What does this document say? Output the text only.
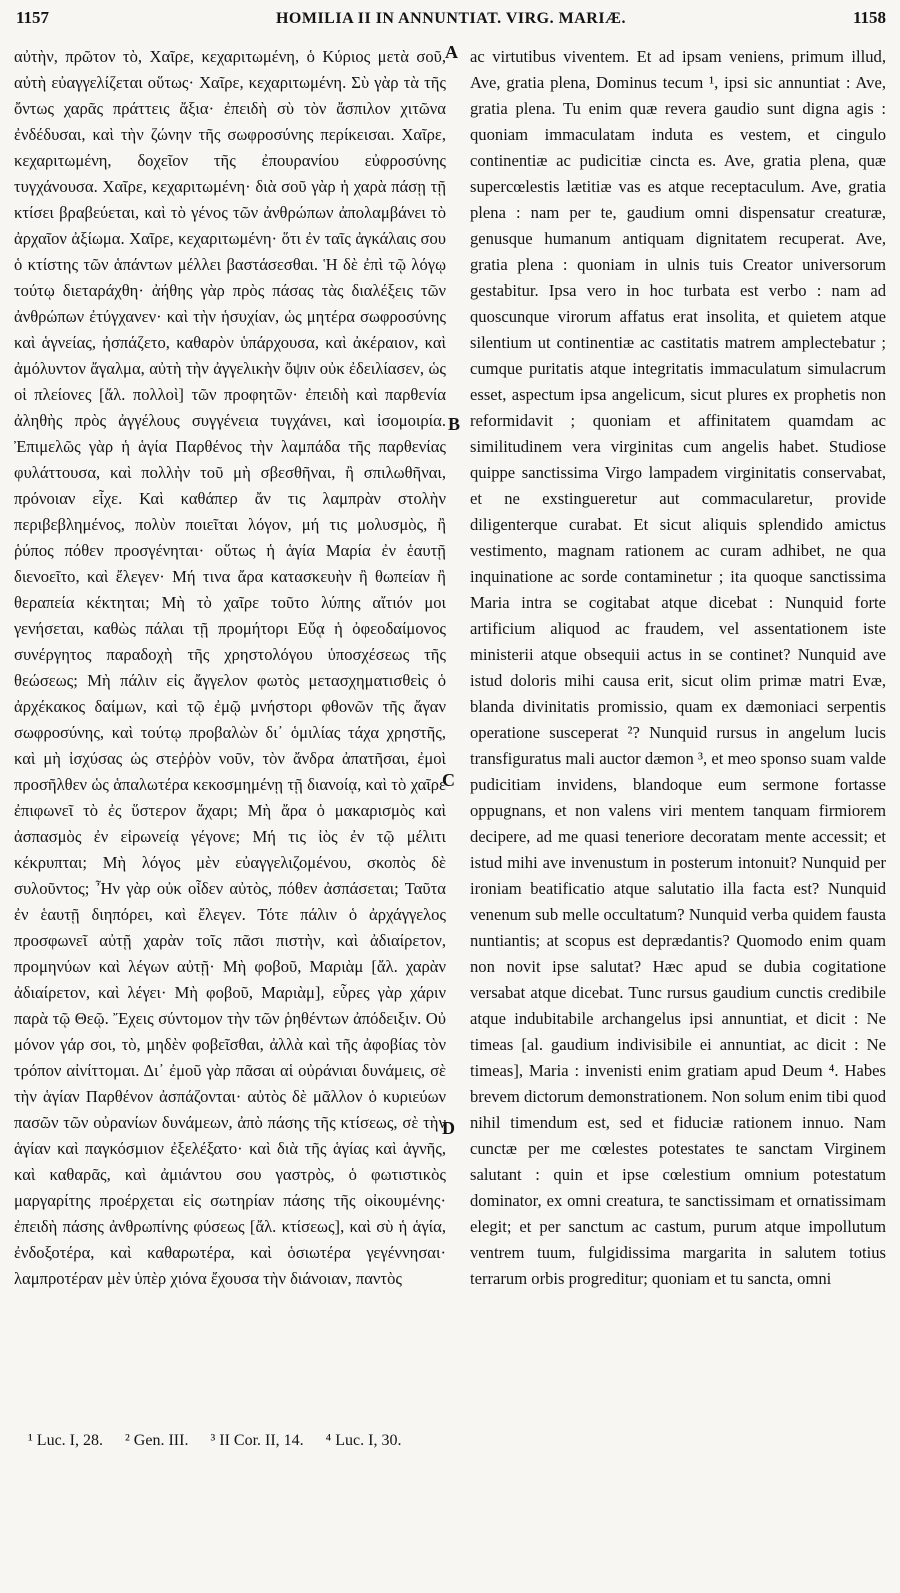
1157	HOMILIA II IN ANNUNTIAT. VIRG. MARIÆ.	1158

αὐτὴν, πρῶτον τὸ, Χαῖρε, κεχαριτωμένη, ὁ Κύριος μετὰ σοῦ, αὐτὴ εὐαγγελίζεται οὕτως· Χαῖρε, κεχαριτωμένη. Σὺ γὰρ τὰ τῆς ὄντως χαρᾶς πράττεις ἄξια· ἐπειδὴ σὺ τὸν ἄσπιλον χιτῶνα ἐνδέδυσαι, καὶ τὴν ζώνην τῆς σωφροσύνης περίκεισαι. Χαῖρε, κεχαριτωμένη, δοχεῖον τῆς ἐπουρανίου εὐφροσύνης τυγχάνουσα. Χαῖρε, κεχαριτωμένη· διὰ σοῦ γὰρ ἡ χαρὰ πάσῃ τῇ κτίσει βραβεύεται, καὶ τὸ γένος τῶν ἀνθρώπων ἀπολαμβάνει τὸ ἀρχαῖον ἀξίωμα. Χαῖρε, κεχαριτωμένη· ὅτι ἐν ταῖς ἀγκάλαις σου ὁ κτίστης τῶν ἁπάντων μέλλει βαστάσεσθαι. Ἡ δὲ ἐπὶ τῷ λόγῳ τούτῳ διεταράχθη· ἀήθης γὰρ πρὸς πάσας τὰς διαλέξεις τῶν ἀνθρώπων ἐτύγχανεν· καὶ τὴν ἡσυχίαν, ὡς μητέρα σωφροσύνης καὶ ἁγνείας, ἠσπάζετο, καθαρὸν ὑπάρχουσα, καὶ ἀκέραιον, καὶ ἀμόλυντον ἄγαλμα, αὐτὴ τὴν ἀγγελικὴν ὄψιν οὐκ ἐδειλίασεν, ὡς οἱ πλείονες [ἄλ. πολλοὶ] τῶν προφητῶν· ἐπειδὴ καὶ παρθενία ἀληθὴς πρὸς ἀγγέλους συγγένεια τυγχάνει, καὶ ἰσομοιρία. Ἐπιμελῶς γὰρ ἡ ἁγία Παρθένος τὴν λαμπάδα τῆς παρθενίας φυλάττουσα, καὶ πολλὴν τοῦ μὴ σβεσθῆναι, ἢ σπιλωθῆναι, πρόνοιαν εἶχε. Καὶ καθάπερ ἄν τις λαμπρὰν στολὴν περιβεβλημένος, πολὺν ποιεῖται λόγον, μή τις μολυσμὸς, ἢ ῥύπος πόθεν προσγένηται· οὕτως ἡ ἁγία Μαρία ἐν ἑαυτῇ διενοεῖτο, καὶ ἔλεγεν· Μή τινα ἄρα κατασκευὴν ἢ θωπείαν ἢ θεραπεία κέκτηται; Μὴ τὸ χαῖρε τοῦτο λύπης αἴτιόν μοι γενήσεται, καθὼς πάλαι τῇ προμήτορι Εὔᾳ ἡ ὀφεοδαίμονος συνέργητος παραδοχὴ τῆς χρηστολόγου ὑποσχέσεως τῆς θεώσεως; Μὴ πάλιν εἰς ἄγγελον φωτὸς μετασχηματισθεὶς ὁ ἀρχέκακος δαίμων, καὶ τῷ ἐμῷ μνήστορι φθονῶν τῆς ἄγαν σωφροσύνης, καὶ τούτῳ προβαλὼν δι᾽ ὁμιλίας τάχα χρηστῆς, καὶ μὴ ἰσχύσας ὡς στεῤῥὸν νοῦν, τὸν ἄνδρα ἀπατῆσαι, ἐμοὶ προσῆλθεν ὡς ἁπαλωτέρα κεκοσμημένῃ τῇ διανοίᾳ, καὶ τὸ χαῖρε ἐπιφωνεῖ τὸ ἐς ὕστερον ἄχαρι; Μὴ ἄρα ὁ μακαρισμὸς καὶ ἀσπασμὸς ἐν εἰρωνείᾳ γέγονε; Μή τις ἰὸς ἐν τῷ μέλιτι κέκρυπται; Μὴ λόγος μὲν εὐαγγελιζομένου, σκοπὸς δὲ συλοῦντος; Ἦν γὰρ οὐκ οἶδεν αὐτὸς, πόθεν ἀσπάσεται; Ταῦτα ἐν ἑαυτῇ διηπόρει, καὶ ἔλεγεν. Τότε πάλιν ὁ ἀρχάγγελος προσφωνεῖ αὐτῇ χαρὰν τοῖς πᾶσι πιστὴν, καὶ ἀδιαίρετον, προμηνύων καὶ λέγων αὐτῇ· Μὴ φοβοῦ, Μαριὰμ [ἄλ. χαρὰν ἀδιαίρετον, καὶ λέγει· Μὴ φοβοῦ, Μαριὰμ], εὗρες γὰρ χάριν παρὰ τῷ Θεῷ. Ἔχεις σύντομον τὴν τῶν ῥηθέντων ἀπόδειξιν. Οὐ μόνον γάρ σοι, τὸ, μηδὲν φοβεῖσθαι, ἀλλὰ καὶ τῆς ἀφοβίας τὸν τρόπον αἰνίττομαι. Δι᾽ ἐμοῦ γὰρ πᾶσαι αἱ οὐράνιαι δυνάμεις, σὲ τὴν ἁγίαν Παρθένον ἀσπάζονται· αὐτὸς δὲ μᾶλλον ὁ κυριεύων πασῶν τῶν οὐρανίων δυνάμεων, ἀπὸ πάσης τῆς κτίσεως, σὲ τὴν ἁγίαν καὶ παγκόσμιον ἐξελέξατο· καὶ διὰ τῆς ἁγίας καὶ ἁγνῆς, καὶ καθαρᾶς, καὶ ἀμιάντου σου γαστρὸς, ὁ φωτιστικὸς μαργαρίτης προέρχεται εἰς σωτηρίαν πάσης τῆς οἰκουμένης· ἐπειδὴ πάσης ἀνθρωπίνης φύσεως [ἄλ. κτίσεως], καὶ σὺ ἡ ἁγία, ἐνδοξοτέρα, καὶ καθαρωτέρα, καὶ ὁσιωτέρα γεγέννησαι· λαμπροτέραν μὲν ὑπὲρ χιόνα ἔχουσα τὴν διάνοιαν, παντὸς

A
B
C
D

ac virtutibus viventem. Et ad ipsam veniens, primum illud, Ave, gratia plena, Dominus tecum ¹, ipsi sic annuntiat : Ave, gratia plena. Tu enim quæ revera gaudio sunt digna agis : quoniam immaculatam induta es vestem, et cingulo continentiæ ac pudicitiæ cincta es. Ave, gratia plena, quæ supercœlestis lætitiæ vas es atque receptaculum. Ave, gratia plena : nam per te, gaudium omni dispensatur creaturæ, genusque humanum antiquam dignitatem recuperat. Ave, gratia plena : quoniam in ulnis tuis Creator universorum gestabitur. Ipsa vero in hoc turbata est verbo : nam ad quoscunque virorum affatus erat insolita, et quietem atque silentium ut continentiæ ac castitatis matrem amplectebatur ; cumque puritatis atque integritatis immaculatum simulacrum esset, aspectum ipsa angelicum, sicut plures ex prophetis non reformidavit ; quoniam et affinitatem quamdam ac similitudinem vera virginitas cum angelis habet. Studiose quippe sanctissima Virgo lampadem virginitatis conservabat, et ne exstingueretur aut commacularetur, provide diligenterque curabat. Et sicut aliquis splendido amictus vestimento, magnam rationem ac curam adhibet, ne qua inquinatione ac sorde contaminetur ; ita quoque sanctissima Maria intra se cogitabat atque dicebat : Nunquid forte artificium aliquod ac fraudem, vel assentationem iste ministerii atque obsequii actus in se continet? Nunquid ave istud doloris mihi causa erit, sicut olim primæ matri Evæ, blanda divinitatis promissio, quam ex dæmoniaci serpentis operatione susceperat ²? Nunquid rursus in angelum lucis transfiguratus mali auctor dæmon ³, et meo sponso suam valde pudicitiam invidens, blandoque eum sermone fortasse oppugnans, et non valens viri mentem tanquam firmiorem decipere, ad me quasi teneriore decoratam mente accessit; et istud mihi ave invenustum in posterum intonuit? Nunquid per ironiam beatificatio atque salutatio illa facta est? Nunquid venenum sub melle occultatum? Nunquid verba quidem fausta nuntiantis; at scopus est deprædantis? Quomodo enim quam non novit ipse salutat? Hæc apud se dubia cogitatione versabat atque dicebat. Tunc rursus gaudium cunctis credibile atque indubitabile archangelus ipsi annuntiat, et dicit : Ne timeas [al. gaudium indivisibile ei annuntiat, ac dicit : Ne timeas], Maria : invenisti enim gratiam apud Deum ⁴. Habes brevem dictorum demonstrationem. Non solum enim tibi quod nihil timendum est, sed et fiduciæ rationem innuo. Nam cunctæ per me cœlestes potestates te sanctam Virginem salutant : quin et ipse cœlestium omnium potestatum dominator, ex omni creatura, te sanctissimam et ornatissimam elegit; et per sanctum ac castum, purum atque impollutum ventrem tuum, fulgidissima margarita in salutem totius terrarum orbis progreditur; quoniam et tu sancta, omni

¹ Luc. I, 28. ² Gen. III. ³ II Cor. II, 14. ⁴ Luc. I, 30.
